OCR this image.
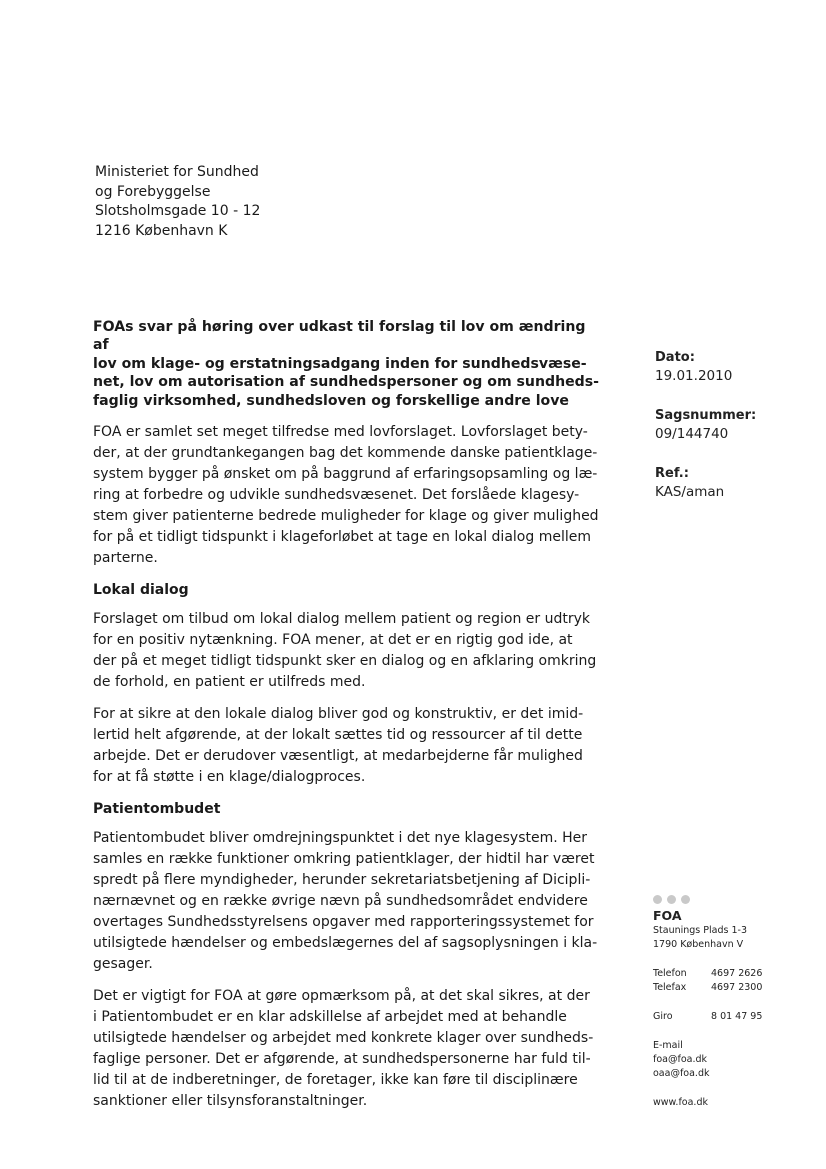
Ministeriet for Sundhed
og Forebyggelse
Slotsholmsgade 10 - 12
1216 København K
FOAs svar på høring over udkast til forslag til lov om ændring af
lov om klage- og erstatningsadgang inden for sundhedsvæse-
net, lov om autorisation af sundhedspersoner og om sundheds-
faglig virksomhed, sundhedsloven og forskellige andre love
FOA er samlet set meget tilfredse med lovforslaget. Lovforslaget bety-
der, at der grundtankegangen bag det kommende danske patientklage-
system bygger på ønsket om på baggrund af erfaringsopsamling og læ-
ring at forbedre og udvikle sundhedsvæsenet. Det forslåede klagesy-
stem giver patienterne bedrede muligheder for klage og giver mulighed
for på et tidligt tidspunkt i klageforløbet at tage en lokal dialog mellem
parterne.
Lokal dialog
Forslaget om tilbud om lokal dialog mellem patient og region er udtryk
for en positiv nytænkning. FOA mener, at det er en rigtig god ide, at
der på et meget tidligt tidspunkt sker en dialog og en afklaring omkring
de forhold, en patient er utilfreds med.
For at sikre at den lokale dialog bliver god og konstruktiv, er det imid-
lertid helt afgørende, at der lokalt sættes tid og ressourcer af til dette
arbejde. Det er derudover væsentligt, at medarbejderne får mulighed
for at få støtte i en klage/dialogproces.
Patientombudet
Patientombudet bliver omdrejningspunktet i det nye klagesystem. Her
samles en række funktioner omkring patientklager, der hidtil har været
spredt på flere myndigheder, herunder sekretariatsbetjening af Dicipli-
nærnævnet og en række øvrige nævn på sundhedsområdet endvidere
overtages Sundhedsstyrelsens opgaver med rapporteringssystemet for
utilsigtede hændelser og embedslægernes del af sagsoplysningen i kla-
gesager.
Det er vigtigt for FOA at gøre opmærksom på, at det skal sikres, at der
i Patientombudet er en klar adskillelse af arbejdet med at behandle
utilsigtede hændelser og arbejdet med konkrete klager over sundheds-
faglige personer. Det er afgørende, at sundhedspersonerne har fuld til-
lid til at de indberetninger, de foretager, ikke kan føre til disciplinære
sanktioner eller tilsynsforanstaltninger.
Dato:
19.01.2010
Sagsnummer:
09/144740
Ref.:
KAS/aman
FOA
Staunings Plads 1-3
1790 København V
Telefon	4697 2626
Telefax	4697 2300
Giro	8 01 47 95
E-mail
foa@foa.dk
oaa@foa.dk
www.foa.dk
